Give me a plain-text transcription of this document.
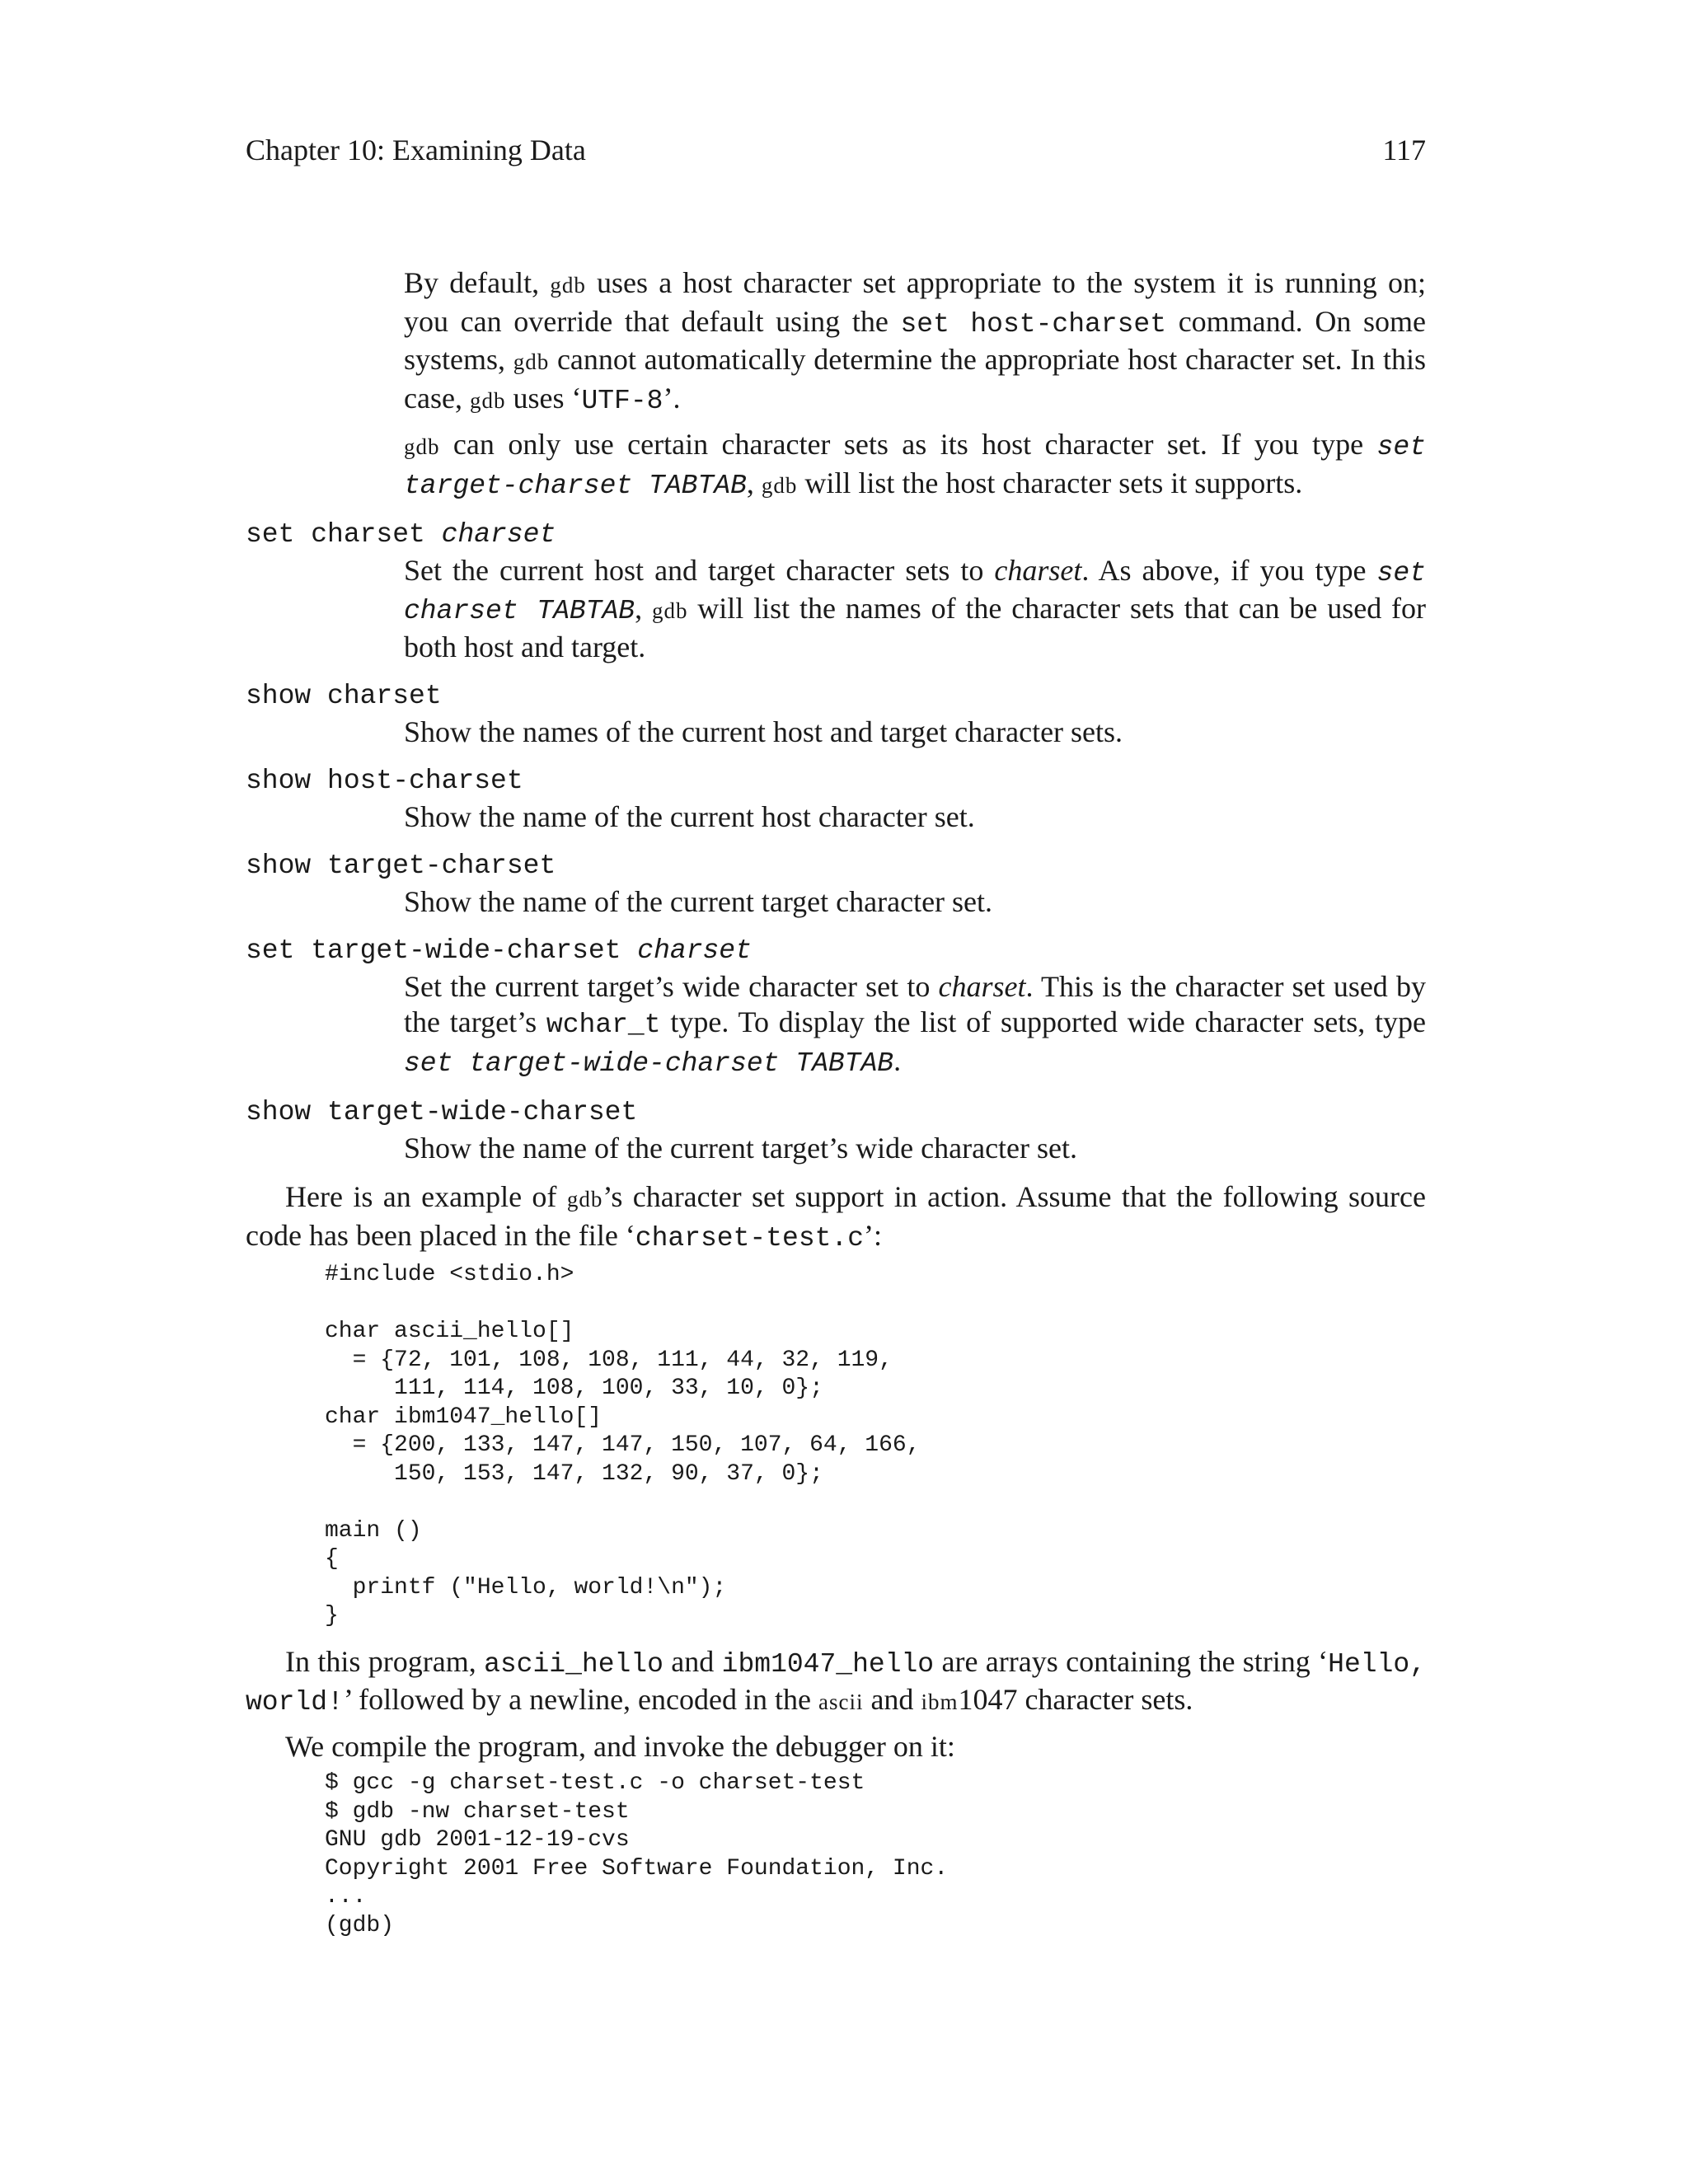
Chapter 10: Examining Data	117

By default, gdb uses a host character set appropriate to the system it is running on; you can override that default using the set host-charset command. On some systems, gdb cannot automatically determine the appropriate host character set. In this case, gdb uses ‘UTF-8’.

gdb can only use certain character sets as its host character set. If you type set target-charset TABTAB, gdb will list the host character sets it supports.

set charset charset

Set the current host and target character sets to charset. As above, if you type set charset TABTAB, gdb will list the names of the character sets that can be used for both host and target.

show charset

Show the names of the current host and target character sets.

show host-charset

Show the name of the current host character set.

show target-charset

Show the name of the current target character set.

set target-wide-charset charset

Set the current target’s wide character set to charset. This is the character set used by the target’s wchar_t type. To display the list of supported wide character sets, type set target-wide-charset TABTAB.

show target-wide-charset

Show the name of the current target’s wide character set.

Here is an example of gdb’s character set support in action. Assume that the following source code has been placed in the file ‘charset-test.c’:

#include <stdio.h>

char ascii_hello[]
= {72, 101, 108, 108, 111, 44, 32, 119,
111, 114, 108, 100, 33, 10, 0};
char ibm1047_hello[]
= {200, 133, 147, 147, 150, 107, 64, 166,
150, 153, 147, 132, 90, 37, 0};

main ()
{
printf ("Hello, world!\n");
}

In this program, ascii_hello and ibm1047_hello are arrays containing the string ‘Hello, world!’ followed by a newline, encoded in the ascii and ibm1047 character sets.

We compile the program, and invoke the debugger on it:

$ gcc -g charset-test.c -o charset-test
$ gdb -nw charset-test
GNU gdb 2001-12-19-cvs
Copyright 2001 Free Software Foundation, Inc.
...
(gdb)
